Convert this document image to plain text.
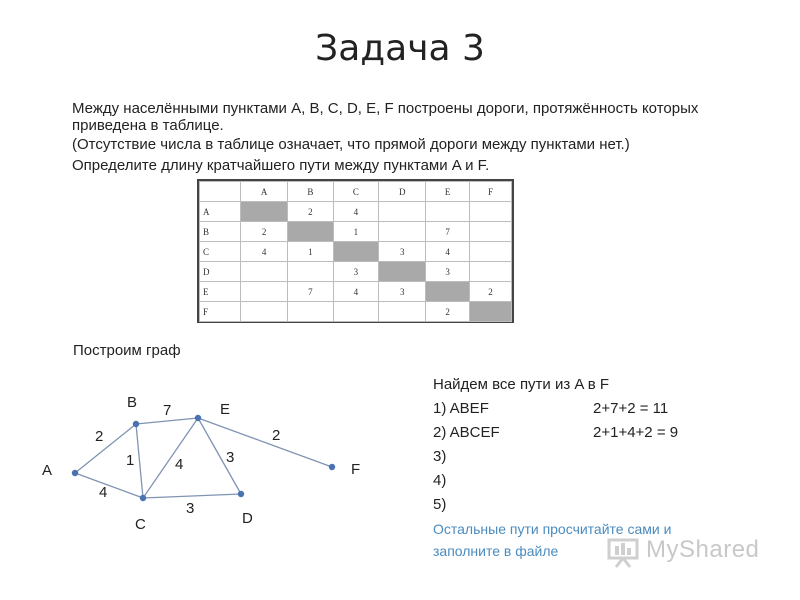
Задача 3
Между населёнными пунктами A, B, C, D, E, F построены дороги, протяжённость которых приведена в таблице.
(Отсутствие числа в таблице означает, что прямой дороги между пунктами нет.)
Определите длину кратчайшего пути между пунктами A и F.
	A	B	C	D	E	F
A		2	4			
B	2		1		7	
C	4	1		3	4	
D			3		3	
E		7	4	3		2
F					2	
Построим граф
2
4
1
7
4
3
3
2
A
B
C	D
E
F
Найдем все пути из A в F
1) ABEF	2+7+2 = 11
2) ABCEF	2+1+4+2 = 9
3)
4)
5)
Остальные пути просчитайте сами и заполните в файле	MyShared
